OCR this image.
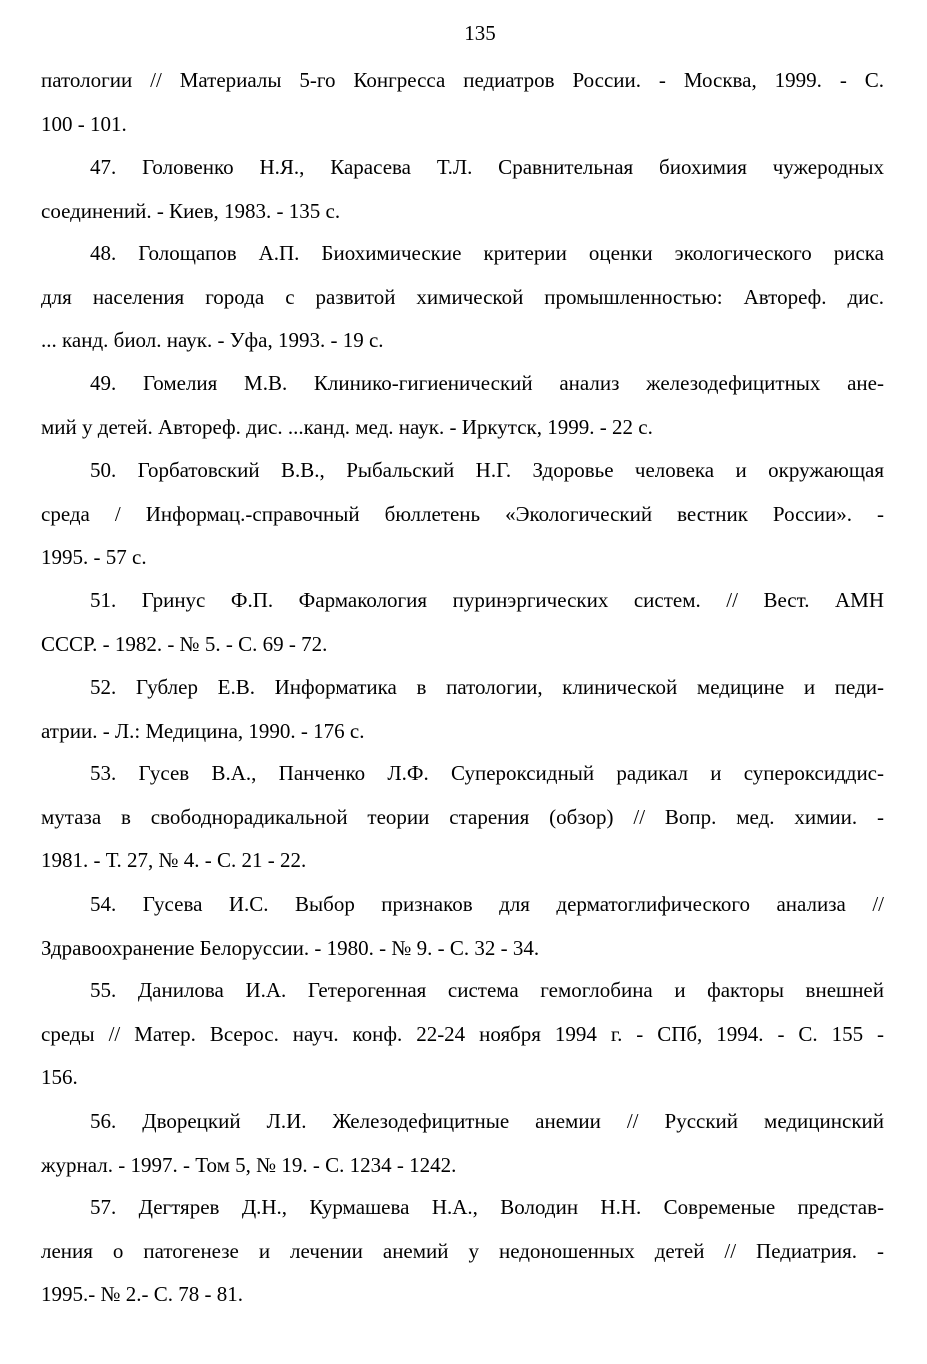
135
патологии // Материалы 5-го Конгресса педиатров России. - Москва, 1999. - С.
100 - 101.
47. Головенко Н.Я., Карасева Т.Л. Сравнительная биохимия чужеродных
соединений. - Киев, 1983. - 135 с.
48. Голощапов А.П. Биохимические критерии оценки экологического риска
для населения города с развитой химической промышленностью: Автореф. дис.
... канд. биол. наук. - Уфа, 1993. - 19 с.
49. Гомелия М.В. Клинико-гигиенический анализ железодефицитных ане-
мий у детей. Автореф. дис. ...канд. мед. наук. - Иркутск, 1999. - 22 с.
50. Горбатовский В.В., Рыбальский Н.Г. Здоровье человека и окружающая
среда / Информац.-справочный бюллетень «Экологический вестник России». -
1995. - 57 с.
51. Гринус Ф.П. Фармакология пуринэргических систем. // Вест. АМН
СССР. - 1982. - № 5. - С. 69 - 72.
52. Гублер Е.В. Информатика в патологии, клинической медицине и педи-
атрии. - Л.: Медицина, 1990. - 176 с.
53. Гусев В.А., Панченко Л.Ф. Супероксидный радикал и супероксиддис-
мутаза в свободнорадикальной теории старения (обзор) // Вопр. мед. химии. -
1981. - Т. 27, № 4. - С. 21 - 22.
54. Гусева И.С. Выбор признаков для дерматоглифического анализа //
Здравоохранение Белоруссии. - 1980. - № 9. - С. 32 - 34.
55. Данилова И.А. Гетерогенная система гемоглобина и факторы внешней
среды // Матер. Всерос. науч. конф. 22-24 ноября 1994 г. - СПб, 1994. - С. 155 -
156.
56. Дворецкий Л.И. Железодефицитные анемии // Русский медицинский
журнал. - 1997. - Том 5, № 19. - С. 1234 - 1242.
57. Дегтярев Д.Н., Курмашева Н.А., Володин Н.Н. Современые представ-
ления о патогенезе и лечении анемий у недоношенных детей // Педиатрия. -
1995.- № 2.- С. 78 - 81.
